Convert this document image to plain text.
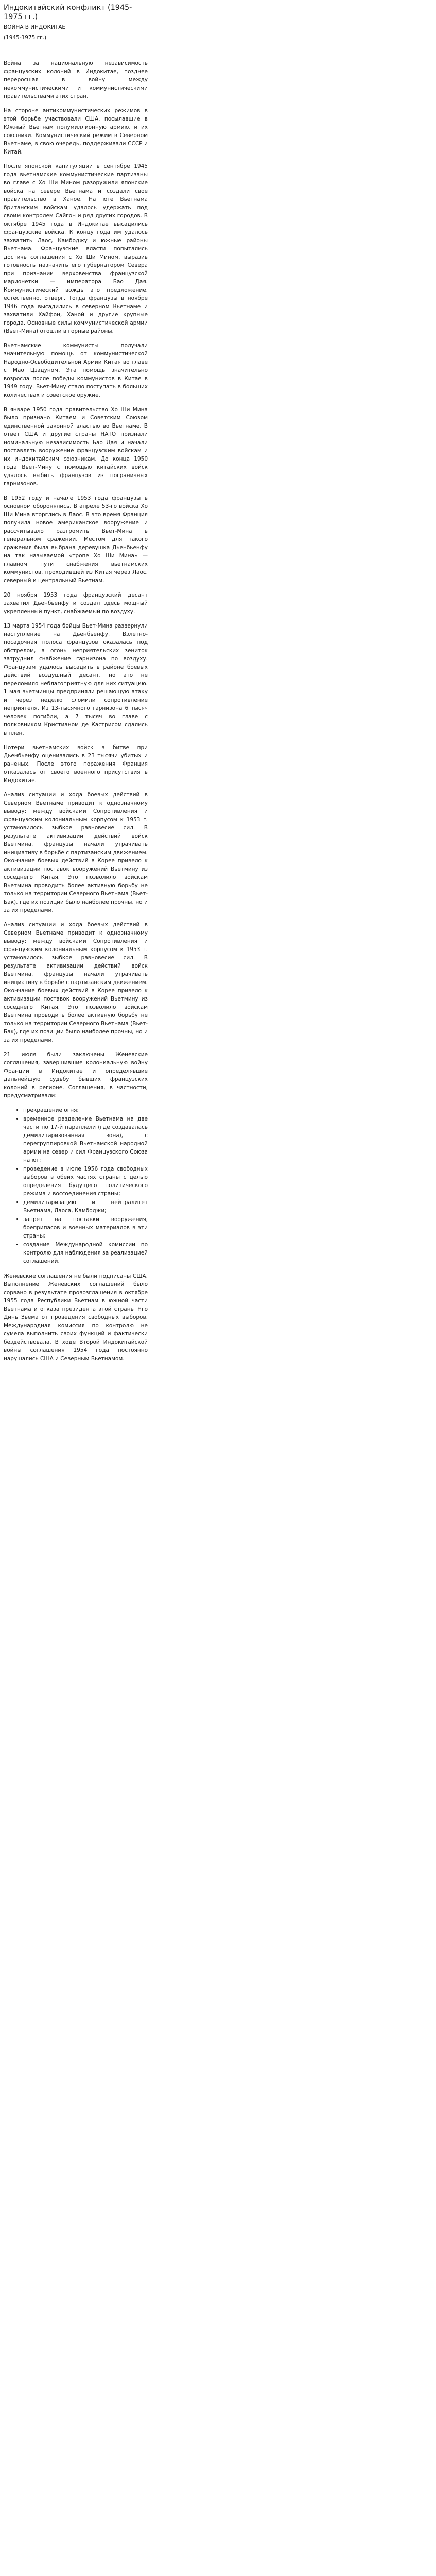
Индокитайский конфликт (1945-1975 гг.)
ВОЙНА В ИНДОКИТАЕ
(1945-1975 гг.)

Война за национальную независимость французских колоний в Индокитае, позднее переросшая в войну между некоммунистическими и коммунистическими правительствами этих стран.

На стороне антикоммунистических режимов в этой борьбе участвовали США, посылавшие в Южный Вьетнам полумиллионную армию, и их союзники. Коммунистический режим в Северном Вьетнаме, в свою очередь, поддерживали СССР и Китай.

После японской капитуляции в сентябре 1945 года вьетнамские коммунистические партизаны во главе с Хо Ши Мином разоружили японские войска на севере Вьетнама и создали свое правительство в Ханое. На юге Вьетнама британским войскам удалось удержать под своим контролем Сайгон и ряд других городов. В октябре 1945 года в Индокитае высадились французские войска. К концу года им удалось захватить Лаос, Камбоджу и южные районы Вьетнама. Французские власти попытались достичь соглашения с Хо Ши Мином, выразив готовность назначить его губернатором Севера при признании верховенства французской марионетки — императора Бао Дая. Коммунистический вождь это предложение, естественно, отверг. Тогда французы в ноябре 1946 года высадились в северном Вьетнаме и захватили Хайфон, Ханой и другие крупные города. Основные силы коммунистической армии (Вьет-Мина) отошли в горные районы.

Вьетнамские коммунисты получали значительную помощь от коммунистической Народно-Освободительной Армии Китая во главе с Мао Цзэдуном. Эта помощь значительно возросла после победы коммунистов в Китае в 1949 году. Вьет-Мину стало поступать в больших количествах и советское оружие.

В январе 1950 года правительство Хо Ши Мина было признано Китаем и Советским Союзом единственной законной властью во Вьетнаме. В ответ США и другие страны НАТО признали номинальную независимость Бао Дая и начали поставлять вооружение французским войскам и их индокитайским союзникам. До конца 1950 года Вьет-Мину с помощью китайских войск удалось выбить французов из пограничных гарнизонов.

В 1952 году и начале 1953 года французы в основном оборонялись. В апреле 53-го войска Хо Ши Мина вторглись в Лаос. В это время Франция получила новое американское вооружение и рассчитывало разгромить Вьет-Мина в генеральном сражении. Местом для такого сражения была выбрана деревушка Дьенбьенфу на так называемой «тропе Хо Ши Мина» — главном пути снабжения вьетнамских коммунистов, проходившей из Китая через Лаос, северный и центральный Вьетнам.

20 ноября 1953 года французский десант захватил Дьенбьенфу и создал здесь мощный укрепленный пункт, снабжаемый по воздуху.

13 марта 1954 года бойцы Вьет-Мина развернули наступление на Дьенбьенфу. Взлетно-посадочная полоса французов оказалась под обстрелом, а огонь неприятельских зениток затруднил снабжение гарнизона по воздуху. Французам удалось высадить в районе боевых действий воздушный десант, но это не переломило неблагоприятную для них ситуацию. 1 мая вьетминцы предприняли решающую атаку и через неделю сломили сопротивление неприятеля. Из 13-тысячного гарнизона 6 тысяч человек погибли, а 7 тысяч во главе с полковником Кристианом де Кастрисом сдались в плен.

Потери вьетнамских войск в битве при Дьенбьенфу оценивались в 23 тысячи убитых и раненых. После этого поражения Франция отказалась от своего военного присутствия в Индокитае.

Анализ ситуации и хода боевых действий в Северном Вьетнаме приводит к однозначному выводу: между войсками Сопротивления и французским колониальным корпусом к 1953 г. установилось зыбкое равновесие сил. В результате активизации действий войск Вьетмина, французы начали утрачивать инициативу в борьбе с партизанским движением. Окончание боевых действий в Корее привело к активизации поставок вооружений Вьетмину из соседнего Китая. Это позволило войскам Вьетмина проводить более активную борьбу не только на территории Северного Вьетнама (Вьет-Бак), где их позиции было наиболее прочны, но и за их пределами.

Анализ ситуации и хода боевых действий в Северном Вьетнаме приводит к однозначному выводу: между войсками Сопротивления и французским колониальным корпусом к 1953 г. установилось зыбкое равновесие сил. В результате активизации действий войск Вьетмина, французы начали утрачивать инициативу в борьбе с партизанским движением. Окончание боевых действий в Корее привело к активизации поставок вооружений Вьетмину из соседнего Китая. Это позволило войскам Вьетмина проводить более активную борьбу не только на территории Северного Вьетнама (Вьет-Бак), где их позиции было наиболее прочны, но и за их пределами.

21 июля были заключены Женевские соглашения, завершившие колониальную войну Франции в Индокитае и определявшие дальнейшую судьбу бывших французских колоний в регионе. Соглашения, в частности, предусматривали:

• прекращение огня;
• временное разделение Вьетнама на две части по 17-й параллели (где создавалась демилитаризованная зона), с перегруппировкой Вьетнамской народной армии на север и сил Французского Союза на юг;
• проведение в июле 1956 года свободных выборов в обеих частях страны с целью определения будущего политического режима и воссоединения страны;
• демилитаризацию и нейтралитет Вьетнама, Лаоса, Камбоджи;
• запрет на поставки вооружения, боеприпасов и военных материалов в эти страны;
• создание Международной комиссии по контролю для наблюдения за реализацией соглашений.

Женевские соглашения не были подписаны США. Выполнение Женевских соглашений было сорвано в результате провозглашения в октябре 1955 года Республики Вьетнам в южной части Вьетнама и отказа президента этой страны Нго Динь Зьема от проведения свободных выборов. Международная комиссия по контролю не сумела выполнить своих функций и фактически бездействовала. В ходе Второй Индокитайской войны соглашения 1954 года постоянно нарушались США и Северным Вьетнамом.
